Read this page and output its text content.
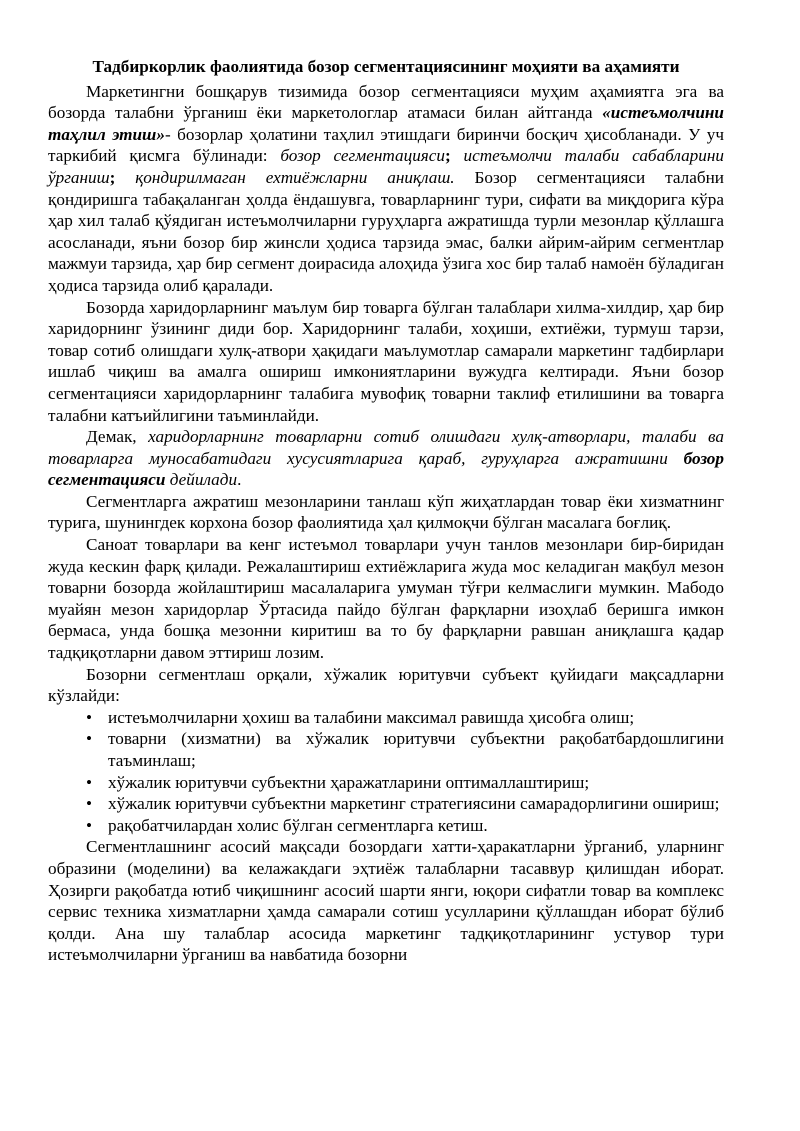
Тадбиркорлик фаолиятида бозор сегментациясининг моҳияти ва аҳамияти

Маркетингни бошқарув тизимида бозор сегментацияси муҳим аҳамиятга эга ва бозорда талабни ўрганиш ёки маркетологлар атамаси билан айтганда «истеъмолчини таҳлил этиш»- бозорлар ҳолатини таҳлил этишдаги биринчи босқич ҳисобланади. У уч таркибий қисмга бўлинади: бозор сегментацияси; истеъмолчи талаби сабабларини ўрганиш; қондирилмаган ехтиёжларни аниқлаш. Бозор сегментацияси талабни қондиришга табақаланган ҳолда ёндашувга, товарларнинг тури, сифати ва миқдорига кўра ҳар хил талаб қўядиган истеъмолчиларни гуруҳларга ажратишда турли мезонлар қўллашга асосланади, яъни бозор бир жинсли ҳодиса тарзида эмас, балки айрим-айрим сегментлар мажмуи тарзида, ҳар бир сегмент доирасида алоҳида ўзига хос бир талаб намоён бўладиган ҳодиса тарзида олиб қаралади.

Бозорда харидорларнинг маълум бир товарга бўлган талаблари хилма-хилдир, ҳар бир харидорнинг ўзининг диди бор. Харидорнинг талаби, хоҳиши, ехтиёжи, турмуш тарзи, товар сотиб олишдаги хулқ-атвори ҳақидаги маълумотлар самарали маркетинг тадбирлари ишлаб чиқиш ва амалга ошириш имкониятларини вужудга келтиради. Яъни бозор сегментацияси харидорларнинг талабига мувофиқ товарни таклиф етилишини ва товарга талабни катъийлигини таъминлайди.

Демак, харидорларнинг товарларни сотиб олишдаги хулқ-атворлари, талаби ва товарларга муносабатидаги хусусиятларига қараб, гуруҳларга ажратишни бозор сегментацияси дейилади.

Сегментларга ажратиш мезонларини танлаш кўп жиҳатлардан товар ёки хизматнинг турига, шунингдек корхона бозор фаолиятида ҳал қилмоқчи бўлган масалага боғлиқ.

Саноат товарлари ва кенг истеъмол товарлари учун танлов мезонлари бир-биридан жуда кескин фарқ қилади. Режалаштириш ехтиёжларига жуда мос келадиган мақбул мезон товарни бозорда жойлаштириш масалаларига умуман тўғри келмаслиги мумкин. Мабодо муайян мезон харидорлар Ўртасида пайдо бўлган фарқларни изоҳлаб беришга имкон бермаса, унда бошқа мезонни киритиш ва то бу фарқларни равшан аниқлашга қадар тадқиқотларни давом эттириш лозим.

Бозорни сегментлаш орқали, хўжалик юритувчи субъект қуйидаги мақсадларни кўзлайди:

• истеъмолчиларни ҳохиш ва талабини максимал равишда ҳисобга олиш;
• товарни (хизматни) ва хўжалик юритувчи субъектни рақобатбардошлигини таъминлаш;
• хўжалик юритувчи субъектни ҳаражатларини оптималлаштириш;
• хўжалик юритувчи субъектни маркетинг стратегиясини самарадорлигини ошириш;
• рақобатчилардан холис бўлган сегментларга кетиш.

Сегментлашнинг асосий мақсади бозордаги хатти-ҳаракатларни ўрганиб, уларнинг образини (моделини) ва келажакдаги эҳтиёж талабларни тасаввур қилишдан иборат. Ҳозирги рақобатда ютиб чиқишнинг асосий шарти янги, юқори сифатли товар ва комплекс сервис техника хизматларни ҳамда самарали сотиш усулларини қўллашдан иборат бўлиб қолди. Ана шу талаблар асосида маркетинг тадқиқотларининг устувор тури истеъмолчиларни ўрганиш ва навбатида бозорни
